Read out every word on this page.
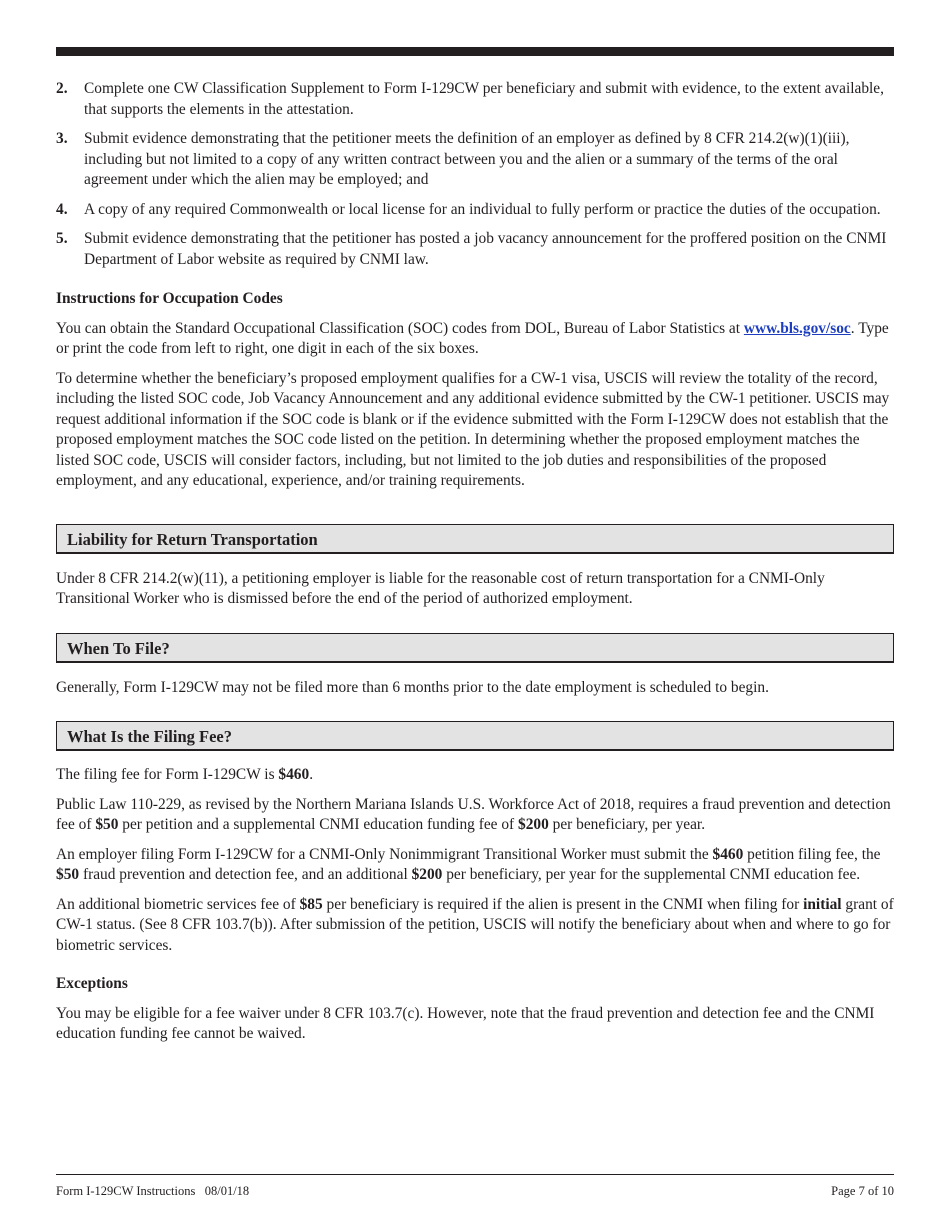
2.	Complete one CW Classification Supplement to Form I-129CW per beneficiary and submit with evidence, to the extent available, that supports the elements in the attestation.
3.	Submit evidence demonstrating that the petitioner meets the definition of an employer as defined by 8 CFR 214.2(w)(1)(iii), including but not limited to a copy of any written contract between you and the alien or a summary of the terms of the oral agreement under which the alien may be employed; and
4.	A copy of any required Commonwealth or local license for an individual to fully perform or practice the duties of the occupation.
5.	Submit evidence demonstrating that the petitioner has posted a job vacancy announcement for the proffered position on the CNMI Department of Labor website as required by CNMI law.

Instructions for Occupation Codes

You can obtain the Standard Occupational Classification (SOC) codes from DOL, Bureau of Labor Statistics at www.bls.gov/soc. Type or print the code from left to right, one digit in each of the six boxes.

To determine whether the beneficiary’s proposed employment qualifies for a CW-1 visa, USCIS will review the totality of the record, including the listed SOC code, Job Vacancy Announcement and any additional evidence submitted by the CW-1 petitioner. USCIS may request additional information if the SOC code is blank or if the evidence submitted with the Form I-129CW does not establish that the proposed employment matches the SOC code listed on the petition. In determining whether the proposed employment matches the listed SOC code, USCIS will consider factors, including, but not limited to the job duties and responsibilities of the proposed employment, and any educational, experience, and/or training requirements.

Liability for Return Transportation

Under 8 CFR 214.2(w)(11), a petitioning employer is liable for the reasonable cost of return transportation for a CNMI-Only Transitional Worker who is dismissed before the end of the period of authorized employment.

When To File?

Generally, Form I-129CW may not be filed more than 6 months prior to the date employment is scheduled to begin.

What Is the Filing Fee?

The filing fee for Form I-129CW is $460.

Public Law 110-229, as revised by the Northern Mariana Islands U.S. Workforce Act of 2018, requires a fraud prevention and detection fee of $50 per petition and a supplemental CNMI education funding fee of $200 per beneficiary, per year.

An employer filing Form I-129CW for a CNMI-Only Nonimmigrant Transitional Worker must submit the $460 petition filing fee, the $50 fraud prevention and detection fee, and an additional $200 per beneficiary, per year for the supplemental CNMI education fee.

An additional biometric services fee of $85 per beneficiary is required if the alien is present in the CNMI when filing for initial grant of CW-1 status. (See 8 CFR 103.7(b)). After submission of the petition, USCIS will notify the beneficiary about when and where to go for biometric services.

Exceptions

You may be eligible for a fee waiver under 8 CFR 103.7(c). However, note that the fraud prevention and detection fee and the CNMI education funding fee cannot be waived.

Form I-129CW Instructions   08/01/18	Page 7 of 10
